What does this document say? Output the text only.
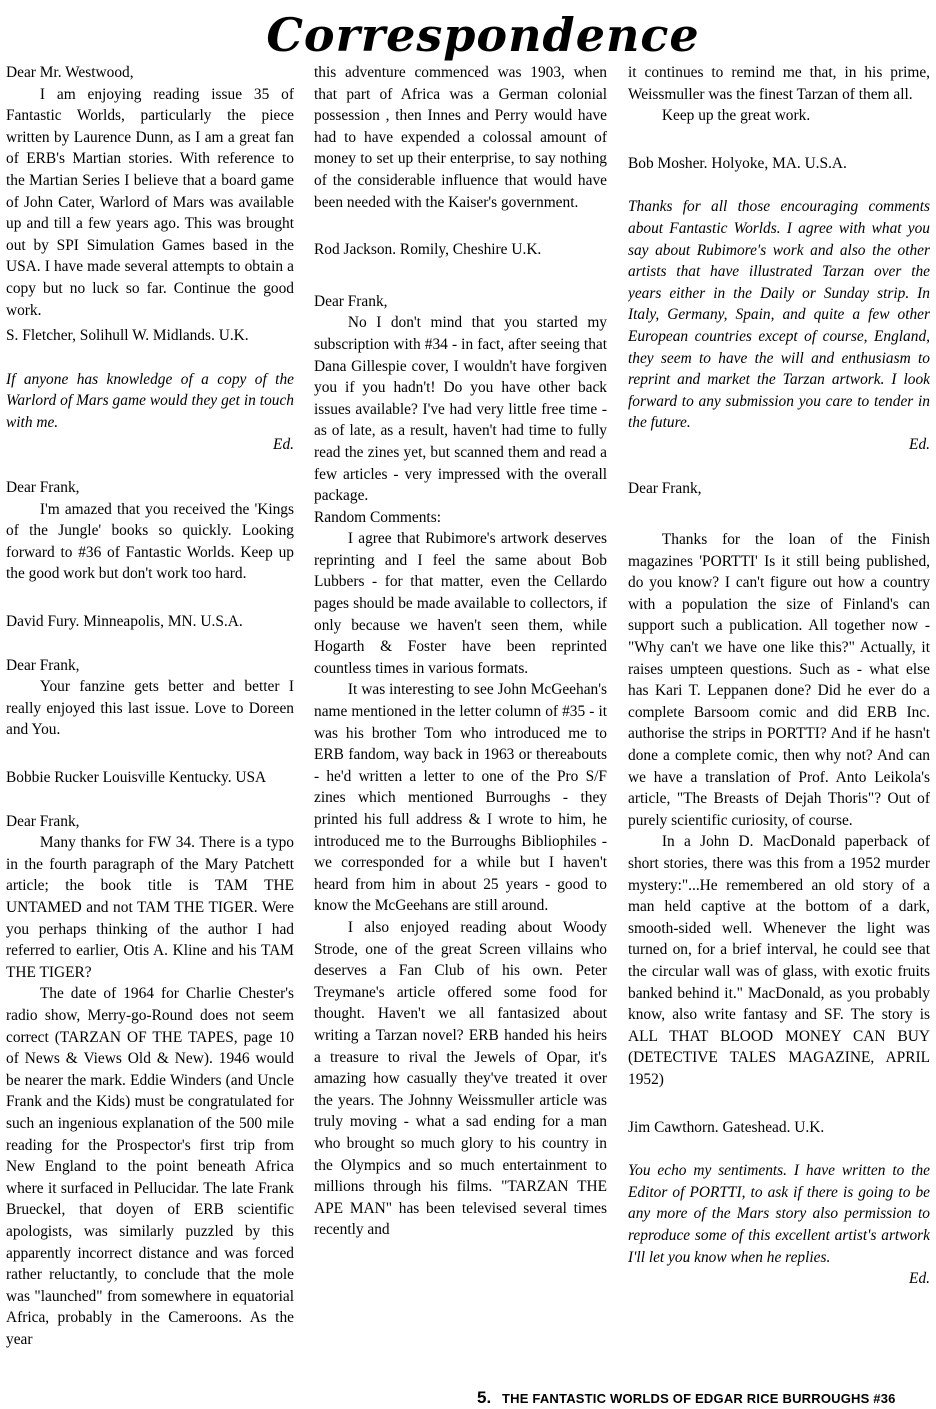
Correspondence

Dear Mr. Westwood,

I am enjoying reading issue 35 of Fantastic Worlds, particularly the piece written by Laurence Dunn, as I am a great fan of ERB's Martian stories. With reference to the Martian Series I believe that a board game of John Cater, Warlord of Mars was available up and till a few years ago. This was brought out by SPI Simulation Games based in the USA. I have made several attempts to obtain a copy but no luck so far. Continue the good work.

S. Fletcher, Solihull W. Midlands. U.K.

If anyone has knowledge of a copy of the Warlord of Mars game would they get in touch with me.
Ed.

Dear Frank,

I'm amazed that you received the 'Kings of the Jungle' books so quickly. Looking forward to #36 of Fantastic Worlds. Keep up the good work but don't work too hard.

David Fury. Minneapolis, MN. U.S.A.

Dear Frank,

Your fanzine gets better and better I really enjoyed this last issue. Love to Doreen and You.

Bobbie Rucker Louisville Kentucky. USA

Dear Frank,

Many thanks for FW 34. There is a typo in the fourth paragraph of the Mary Patchett article; the book title is TAM THE UNTAMED and not TAM THE TIGER. Were you perhaps thinking of the author I had referred to earlier, Otis A. Kline and his TAM THE TIGER?

The date of 1964 for Charlie Chester's radio show, Merry-go-Round does not seem correct (TARZAN OF THE TAPES, page 10 of News & Views Old & New). 1946 would be nearer the mark. Eddie Winders (and Uncle Frank and the Kids) must be congratulated for such an ingenious explanation of the 500 mile reading for the Prospector's first trip from New England to the point beneath Africa where it surfaced in Pellucidar. The late Frank Brueckel, that doyen of ERB scientific apologists, was similarly puzzled by this apparently incorrect distance and was forced rather reluctantly, to conclude that the mole was "launched" from somewhere in equatorial Africa, probably in the Cameroons. As the year

this adventure commenced was 1903, when that part of Africa was a German colonial possession , then Innes and Perry would have had to have expended a colossal amount of money to set up their enterprise, to say nothing of the considerable influence that would have been needed with the Kaiser's government.

Rod Jackson. Romily, Cheshire U.K.

Dear Frank,

No I don't mind that you started my subscription with #34 - in fact, after seeing that Dana Gillespie cover, I wouldn't have forgiven you if you hadn't! Do you have other back issues available? I've had very little free time - as of late, as a result, haven't had time to fully read the zines yet, but scanned them and read a few articles - very impressed with the overall package.

Random Comments:

I agree that Rubimore's artwork deserves reprinting and I feel the same about Bob Lubbers - for that matter, even the Cellardo pages should be made available to collectors, if only because we haven't seen them, while Hogarth & Foster have been reprinted countless times in various formats.

It was interesting to see John McGeehan's name mentioned in the letter column of #35 - it was his brother Tom who introduced me to ERB fandom, way back in 1963 or thereabouts - he'd written a letter to one of the Pro S/F zines which mentioned Burroughs - they printed his full address & I wrote to him, he introduced me to the Burroughs Bibliophiles - we corresponded for a while but I haven't heard from him in about 25 years - good to know the McGeehans are still around.

I also enjoyed reading about Woody Strode, one of the great Screen villains who deserves a Fan Club of his own. Peter Treymane's article offered some food for thought. Haven't we all fantasized about writing a Tarzan novel? ERB handed his heirs a treasure to rival the Jewels of Opar, it's amazing how casually they've treated it over the years. The Johnny Weissmuller article was truly moving - what a sad ending for a man who brought so much glory to his country in the Olympics and so much entertainment to millions through his films. "TARZAN THE APE MAN" has been televised several times recently and

it continues to remind me that, in his prime, Weissmuller was the finest Tarzan of them all.

Keep up the great work.

Bob Mosher. Holyoke, MA. U.S.A.

Thanks for all those encouraging comments about Fantastic Worlds. I agree with what you say about Rubimore's work and also the other artists that have illustrated Tarzan over the years either in the Daily or Sunday strip. In Italy, Germany, Spain, and quite a few other European countries except of course, England, they seem to have the will and enthusiasm to reprint and market the Tarzan artwork. I look forward to any submission you care to tender in the future.
Ed.

Dear Frank,

Thanks for the loan of the Finish magazines 'PORTTI' Is it still being published, do you know? I can't figure out how a country with a population the size of Finland's can support such a publication. All together now - "Why can't we have one like this?" Actually, it raises umpteen questions. Such as - what else has Kari T. Leppanen done? Did he ever do a complete Barsoom comic and did ERB Inc. authorise the strips in PORTTI? And if he hasn't done a complete comic, then why not? And can we have a translation of Prof. Anto Leikola's article, "The Breasts of Dejah Thoris"? Out of purely scientific curiosity, of course.

In a John D. MacDonald paperback of short stories, there was this from a 1952 murder mystery:"...He remembered an old story of a man held captive at the bottom of a dark, smooth-sided well. Whenever the light was turned on, for a brief interval, he could see that the circular wall was of glass, with exotic fruits banked behind it." MacDonald, as you probably know, also write fantasy and SF. The story is ALL THAT BLOOD MONEY CAN BUY (DETECTIVE TALES MAGAZINE, APRIL 1952)

Jim Cawthorn. Gateshead. U.K.

You echo my sentiments. I have written to the Editor of PORTTI, to ask if there is going to be any more of the Mars story also permission to reproduce some of this excellent artist's artwork I'll let you know when he replies.
Ed.

5. THE FANTASTIC WORLDS OF EDGAR RICE BURROUGHS #36
